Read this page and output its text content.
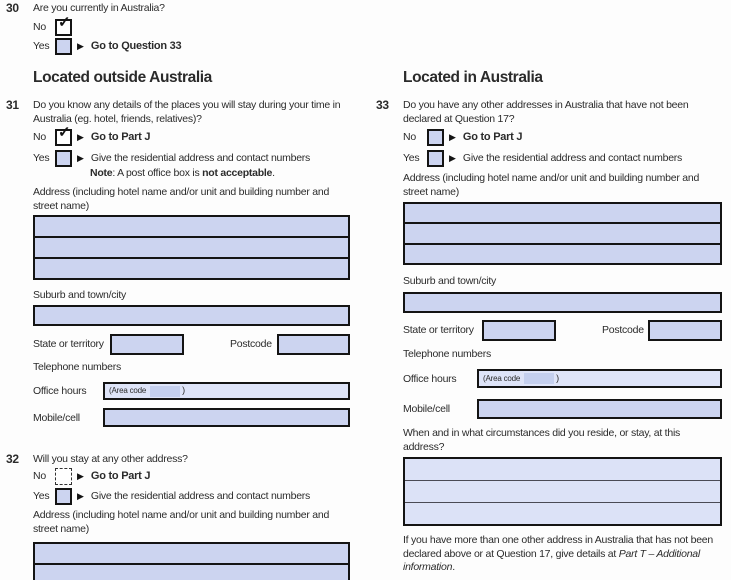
30	Are you currently in Australia?
No ✓
Yes	▶ Go to Question 33
Located outside Australia
31	Do you know any details of the places you will stay during your time in Australia (eg. hotel, friends, relatives)?
No ✓ ▶ Go to Part J
Yes	▶ Give the residential address and contact numbers
Note: A post office box is not acceptable.
Address (including hotel name and/or unit and building number and street name)
Suburb and town/city
State or territory	Postcode
Telephone numbers
Office hours	(Area code	)
Mobile/cell
32	Will you stay at any other address?
No	▶ Go to Part J
Yes	▶ Give the residential address and contact numbers
Address (including hotel name and/or unit and building number and street name)
Located in Australia
33	Do you have any other addresses in Australia that have not been declared at Question 17?
No	▶ Go to Part J
Yes	▶ Give the residential address and contact numbers
Address (including hotel name and/or unit and building number and street name)
Suburb and town/city
State or territory	Postcode
Telephone numbers
Office hours	(Area code	)
Mobile/cell
When and in what circumstances did you reside, or stay, at this address?
If you have more than one other address in Australia that has not been declared above or at Question 17, give details at Part T – Additional information.
